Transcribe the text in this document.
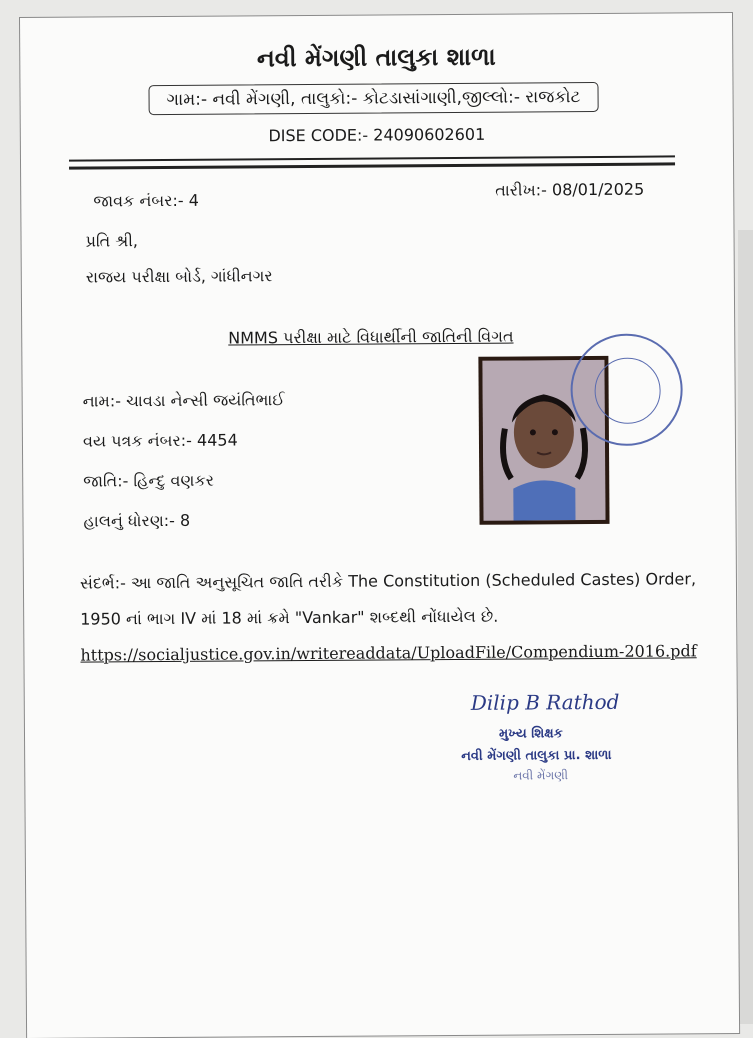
નવી મેંગણી તાલુકા શાળા
ગામ:- નવી મેંગણી, તાલુકો:- કોટડાસાંગાણી,જીલ્લો:- રાજકોટ
DISE CODE:- 24090602601
જાવક નંબર:- 4
તારીખ:- 08/01/2025
પ્રતિ શ્રી,
રાજય પરીક્ષા બોર્ડ, ગાંધીનગર
NMMS પરીક્ષા માટે વિધાર્થીની જાતિની વિગત
નામ:- ચાવડા નેન્સી જયંતિભાઈ
વય પત્રક નંબર:- 4454
જાતિ:- હિન્દુ વણકર
હાલનું ધોરણ:- 8
સંદર્ભ:- આ જાતિ અનુસૂચિત જાતિ તરીકે The Constitution (Scheduled Castes) Order,
1950 નાં ભાગ IV માં 18 માં ક્રમે "Vankar" શબ્દથી નોંધાયેલ છે.
https://socialjustice.gov.in/writereaddata/UploadFile/Compendium-2016.pdf
Dilip B Rathod
મુખ્ય શિક્ષક
નવી મેંગણી તાલુકા પ્રા. શાળા
નવી મેંગણી
